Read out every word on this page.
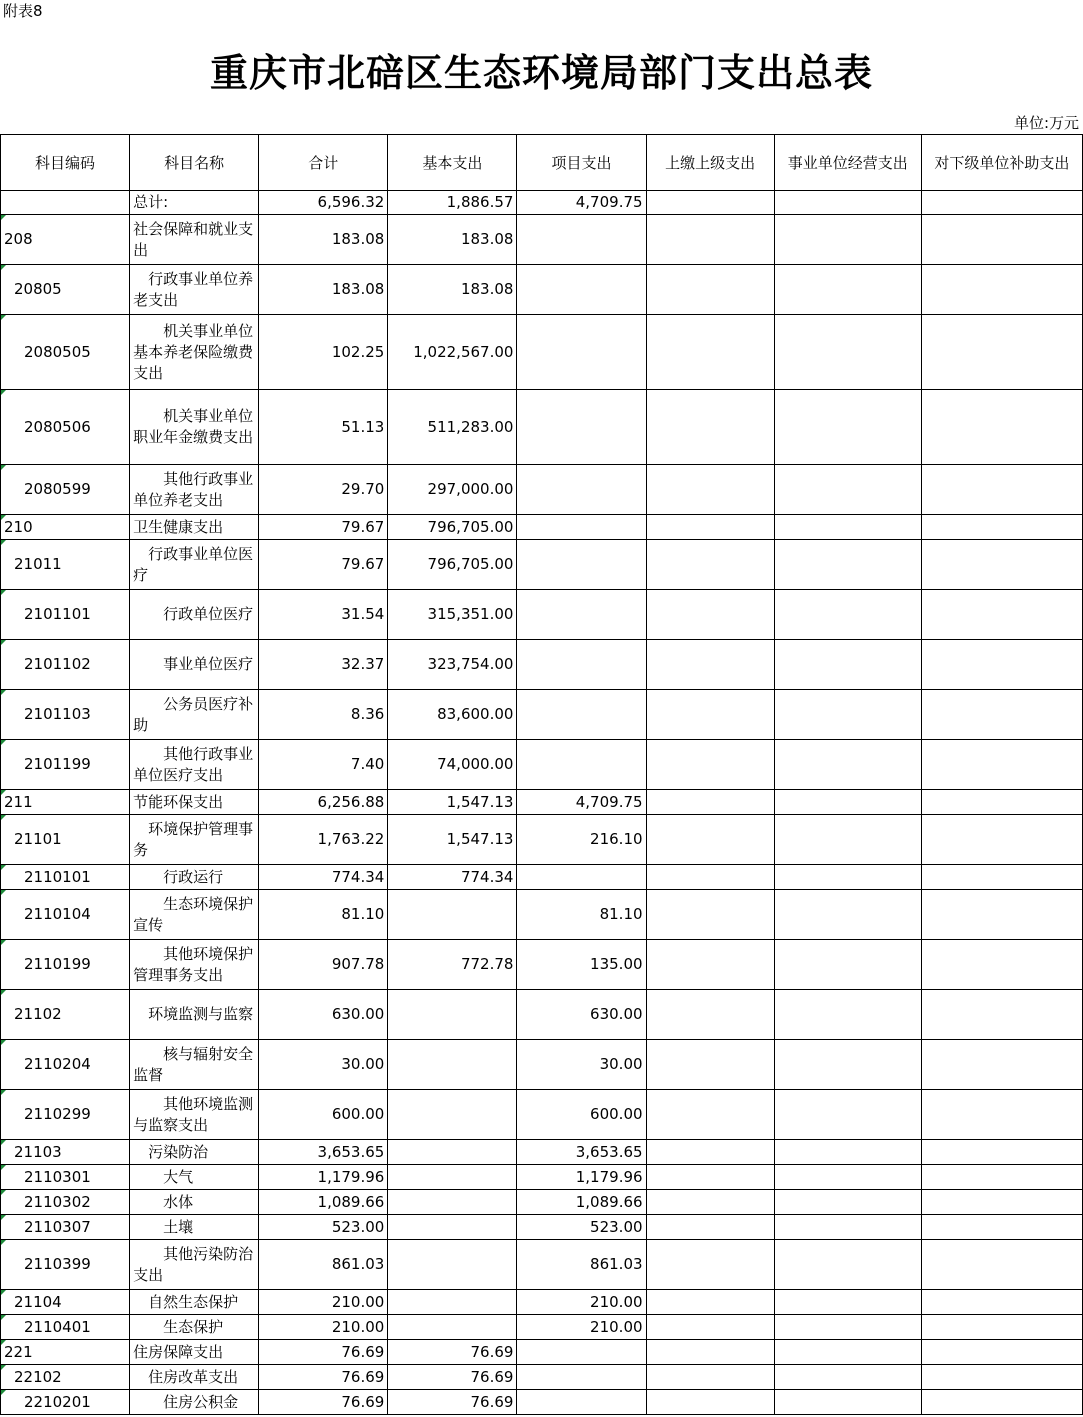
附表8
重庆市北碚区生态环境局部门支出总表
单位:万元
科目编码	科目名称	合计	基本支出	项目支出	上缴上级支出	事业单位经营支出	对下级单位补助支出
	总计:	6,596.32	1,886.57	4,709.75			
208	社会保障和就业支出	183.08	183.08				
20805	行政事业单位养老支出	183.08	183.08				
2080505	机关事业单位基本养老保险缴费支出	102.25	1,022,567.00				
2080506	机关事业单位职业年金缴费支出	51.13	511,283.00				
2080599	其他行政事业单位养老支出	29.70	297,000.00				
210	卫生健康支出	79.67	796,705.00				
21011	行政事业单位医疗	79.67	796,705.00				
2101101	行政单位医疗	31.54	315,351.00				
2101102	事业单位医疗	32.37	323,754.00				
2101103	公务员医疗补助	8.36	83,600.00				
2101199	其他行政事业单位医疗支出	7.40	74,000.00				
211	节能环保支出	6,256.88	1,547.13	4,709.75			
21101	环境保护管理事务	1,763.22	1,547.13	216.10			
2110101	行政运行	774.34	774.34				
2110104	生态环境保护宣传	81.10		81.10			
2110199	其他环境保护管理事务支出	907.78	772.78	135.00			
21102	环境监测与监察	630.00		630.00			
2110204	核与辐射安全监督	30.00		30.00			
2110299	其他环境监测与监察支出	600.00		600.00			
21103	污染防治	3,653.65		3,653.65			
2110301	大气	1,179.96		1,179.96			
2110302	水体	1,089.66		1,089.66			
2110307	土壤	523.00		523.00			
2110399	其他污染防治支出	861.03		861.03			
21104	自然生态保护	210.00		210.00			
2110401	生态保护	210.00		210.00			
221	住房保障支出	76.69	76.69				
22102	住房改革支出	76.69	76.69				
2210201	住房公积金	76.69	76.69				
